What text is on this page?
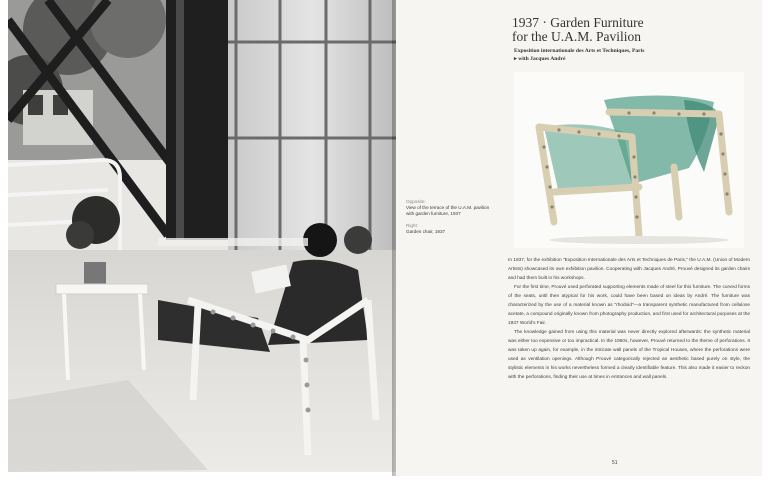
Opposite:
View of the terrace of the U.A.M. pavilion with garden furniture, 1937
Right:
Garden chair, 1937
1937 · Garden Furniture
for the U.A.M. Pavilion
Exposition internationale des Arts et Techniques, Paris
▸ with Jacques André

In 1937, for the exhibition "Exposition Internationale des Arts et Techniques de Paris," the U.A.M. (Union of Modern Artists) showcased its own exhibition pavilion. Cooperating with Jacques André, Prouvé designed its garden chairs and had them built in his workshops.

For the first time, Prouvé used perforated supporting elements made of steel for this furniture. The curved forms of the seats, until then atypical for his work, could have been based on ideas by André. The furniture was characterized by the use of a material known as "rhodoid"—a transparent synthetic manufactured from cellulose acetate, a compound originally known from photography production, and first used for architectural purposes at the 1937 World's Fair.

The knowledge gained from using this material was never directly explored afterwards: the synthetic material was either too expensive or too impractical. In the 1950s, however, Prouvé returned to the theme of perforations. It was taken up again, for example, in the intricate wall panels of the Tropical Houses, where the perforations were used as ventilation openings. Although Prouvé categorically rejected an aesthetic based purely on style, the stylistic elements in his works nevertheless formed a clearly identifiable feature. This also made it easier to reckon with the perforations, finding their use at times in entrances and wall panels.

51
